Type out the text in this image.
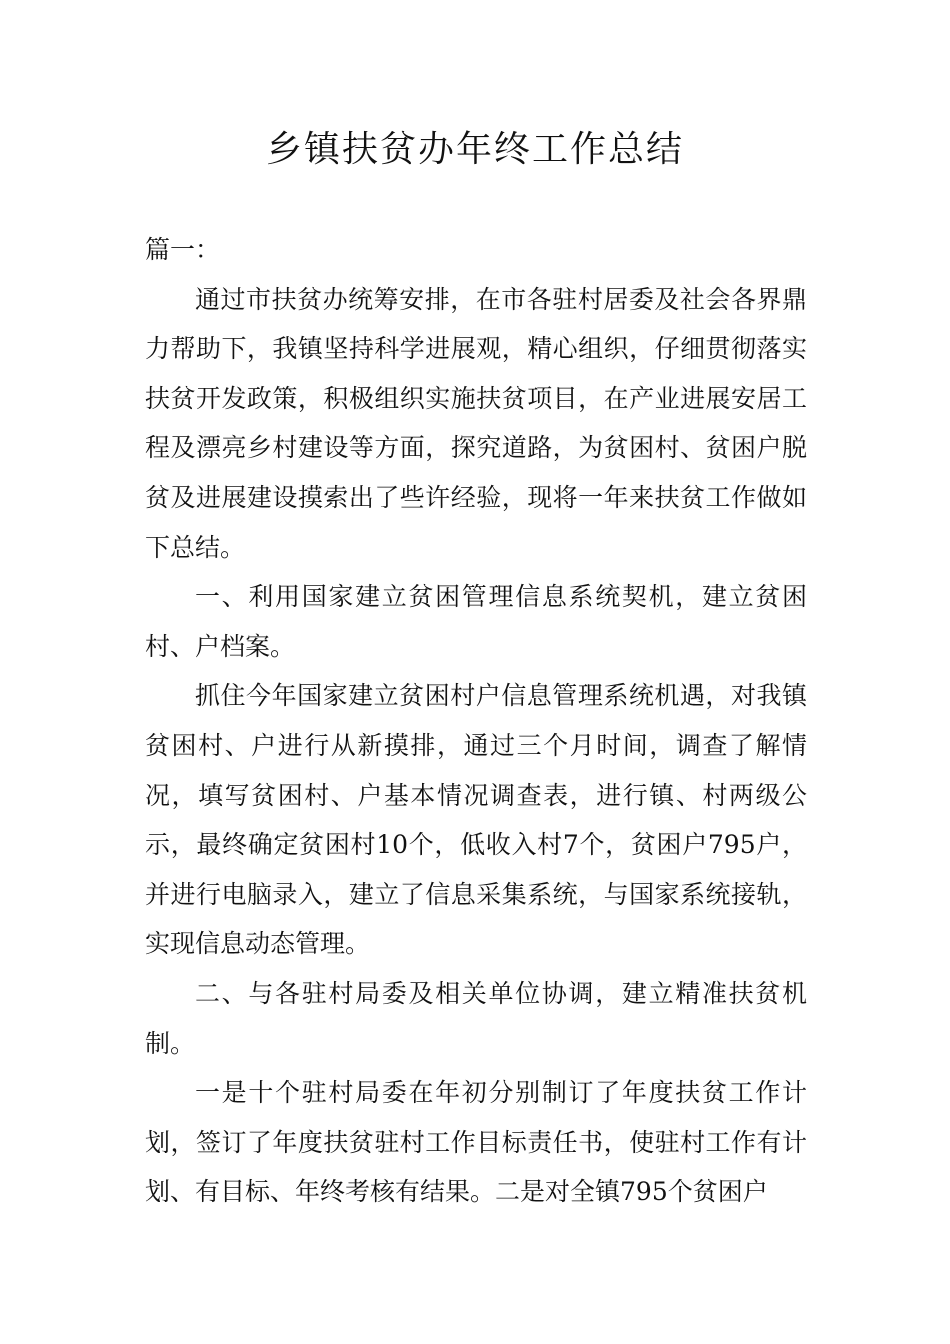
乡镇扶贫办年终工作总结

篇一：

通过市扶贫办统筹安排，在市各驻村居委及社会各界鼎力帮助下，我镇坚持科学进展观，精心组织，仔细贯彻落实扶贫开发政策，积极组织实施扶贫项目，在产业进展安居工程及漂亮乡村建设等方面，探究道路，为贫困村、贫困户脱贫及进展建设摸索出了些许经验，现将一年来扶贫工作做如下总结。

一、利用国家建立贫困管理信息系统契机，建立贫困村、户档案。

抓住今年国家建立贫困村户信息管理系统机遇，对我镇贫困村、户进行从新摸排，通过三个月时间，调查了解情况，填写贫困村、户基本情况调查表，进行镇、村两级公示，最终确定贫困村10个，低收入村7个，贫困户795户，并进行电脑录入，建立了信息采集系统，与国家系统接轨，实现信息动态管理。

二、与各驻村局委及相关单位协调，建立精准扶贫机制。

一是十个驻村局委在年初分别制订了年度扶贫工作计划，签订了年度扶贫驻村工作目标责任书，使驻村工作有计划、有目标、年终考核有结果。二是对全镇795个贫困户
